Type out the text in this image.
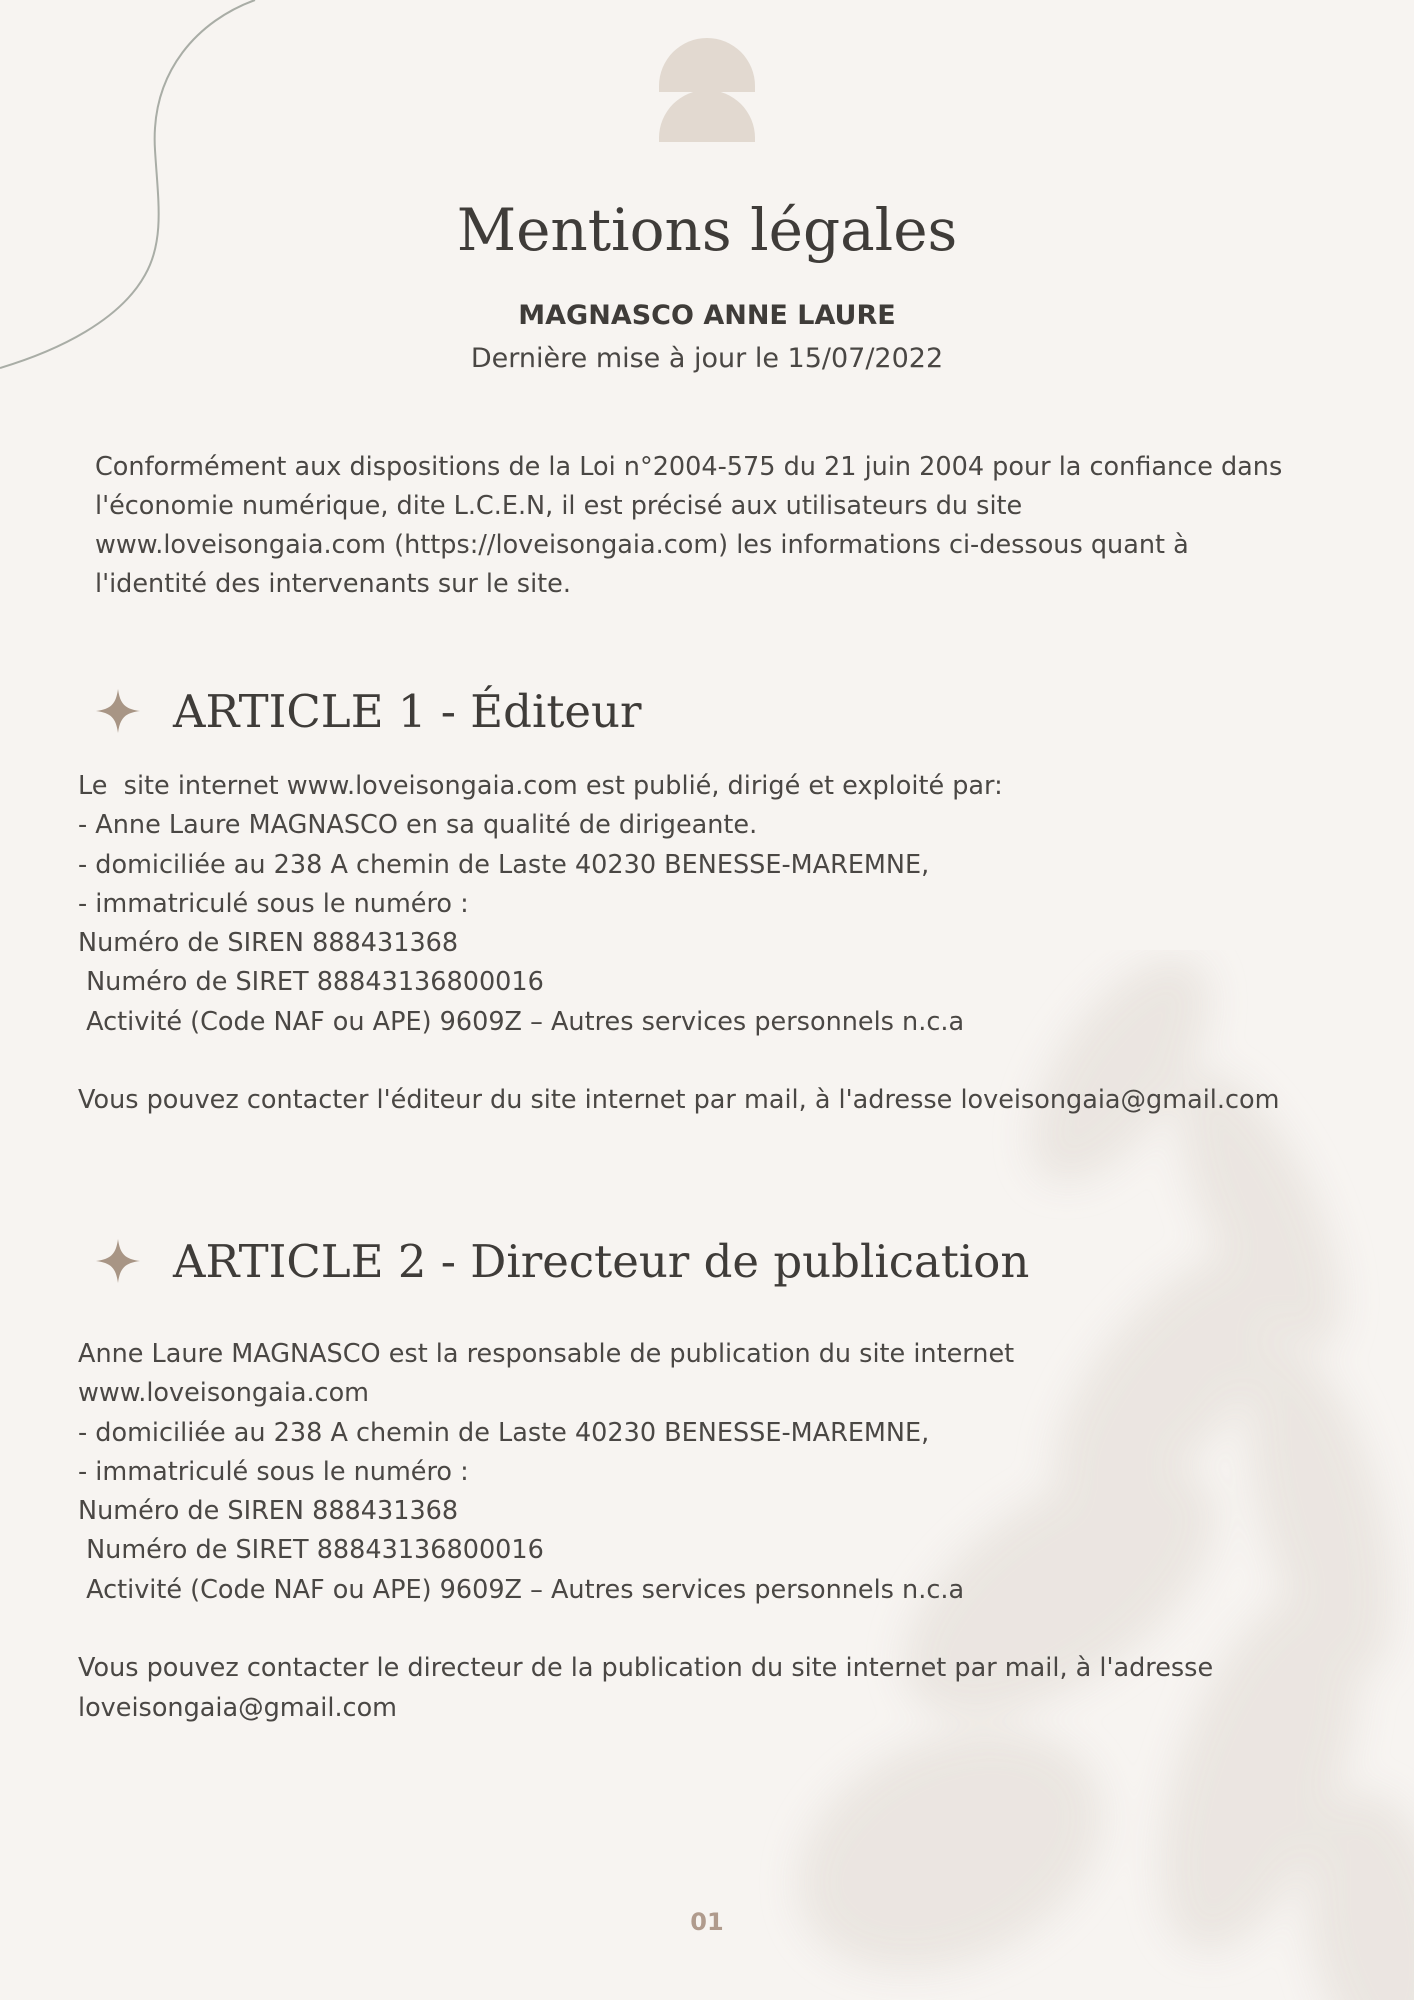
Mentions légales
MAGNASCO ANNE LAURE
Dernière mise à jour le 15/07/2022

Conformément aux dispositions de la Loi n°2004-575 du 21 juin 2004 pour la confiance dans

l'économie numérique, dite L.C.E.N, il est précisé aux utilisateurs du site

www.loveisongaia.com (https://loveisongaia.com) les informations ci-dessous quant à

l'identité des intervenants sur le site.

ARTICLE 1 - Éditeur

Le  site internet www.loveisongaia.com est publié, dirigé et exploité par:

- Anne Laure MAGNASCO en sa qualité de dirigeante.

- domiciliée au 238 A chemin de Laste 40230 BENESSE-MAREMNE,

- immatriculé sous le numéro :

Numéro de SIREN 888431368

Numéro de SIRET 88843136800016

Activité (Code NAF ou APE) 9609Z – Autres services personnels n.c.a

Vous pouvez contacter l'éditeur du site internet par mail, à l'adresse loveisongaia@gmail.com

ARTICLE 2 - Directeur de publication

Anne Laure MAGNASCO est la responsable de publication du site internet

www.loveisongaia.com

- domiciliée au 238 A chemin de Laste 40230 BENESSE-MAREMNE,

- immatriculé sous le numéro :

Numéro de SIREN 888431368

Numéro de SIRET 88843136800016

Activité (Code NAF ou APE) 9609Z – Autres services personnels n.c.a

Vous pouvez contacter le directeur de la publication du site internet par mail, à l'adresse

loveisongaia@gmail.com

01
